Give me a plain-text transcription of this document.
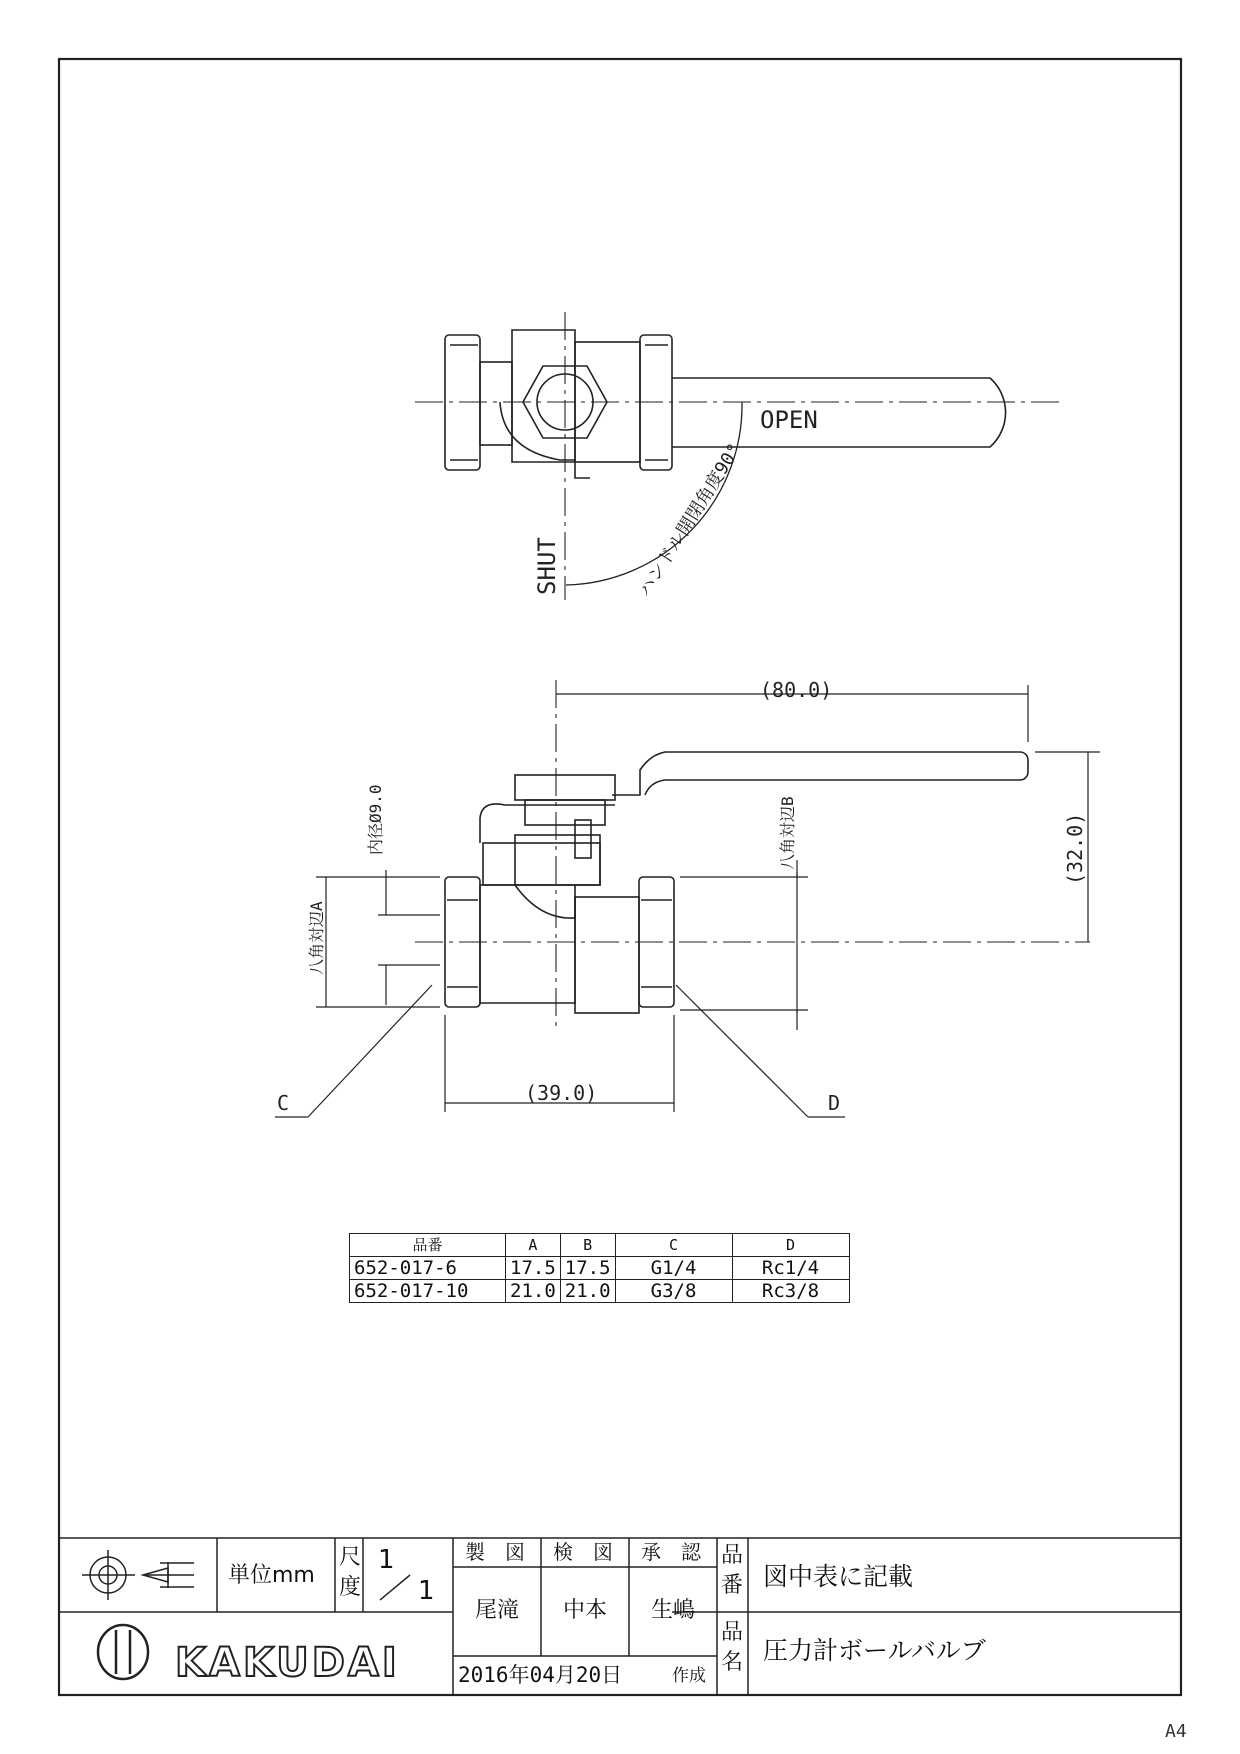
OPEN
SHUT	ハンドル開閉角度90°
(80.0)
(32.0)
(39.0)
内径Ø9.0
八角対辺A
八角対辺B
C	D
品番	A	B	C	D
652-017-6	17.5	17.5	G1/4	Rc1/4
652-017-10	21.0	21.0	G3/8	Rc3/8
単位mm
尺
度
1
1
製　図 検　図 承　認
尾滝 中本 生嶋
2016年04月20日	作成
品
番 図中表に記載
品
名 圧力計ボールバルブ
KAKUDAI
A4
